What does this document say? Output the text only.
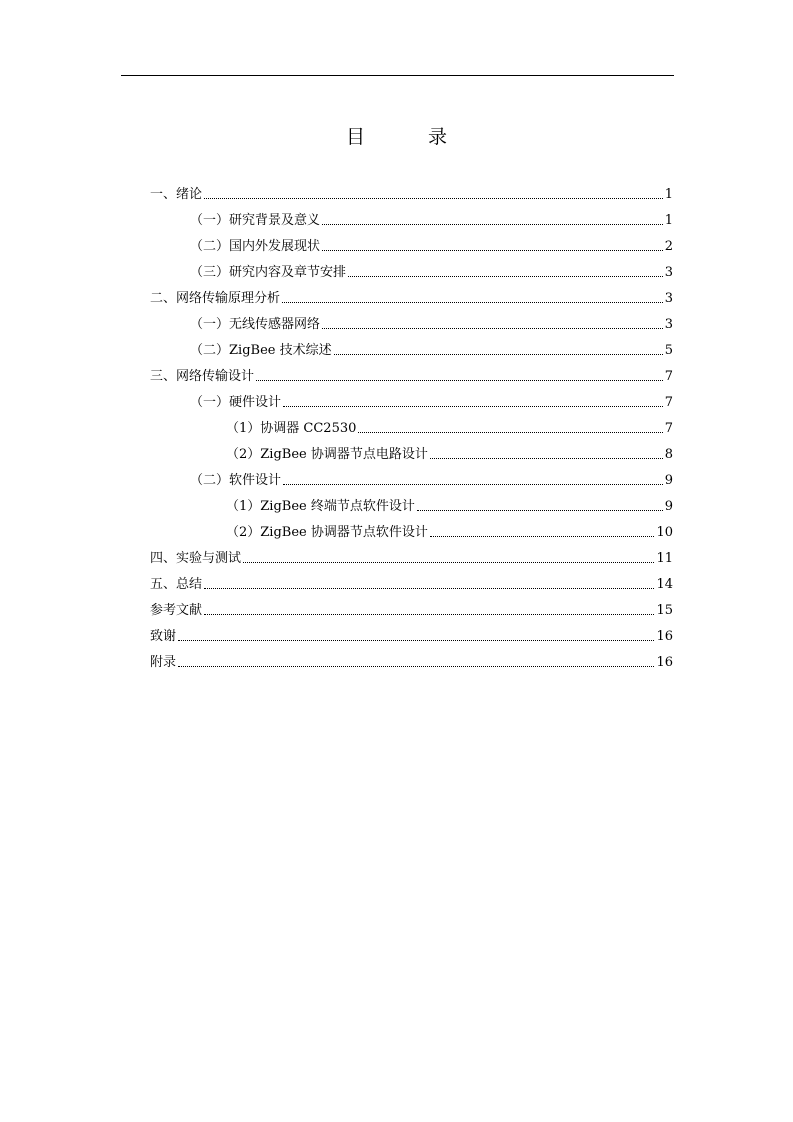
目　录
一、绪论	1
（一）研究背景及意义	1
（二）国内外发展现状	2
（三）研究内容及章节安排	3
二、网络传输原理分析	3
（一）无线传感器网络	3
（二）ZigBee 技术综述	5
三、网络传输设计	7
（一）硬件设计	7
（1）协调器 CC2530	7
（2）ZigBee 协调器节点电路设计	8
（二）软件设计	9
（1）ZigBee 终端节点软件设计	9
（2）ZigBee 协调器节点软件设计	10
四、实验与测试	11
五、总结	14
参考文献	15
致谢	16
附录	16
